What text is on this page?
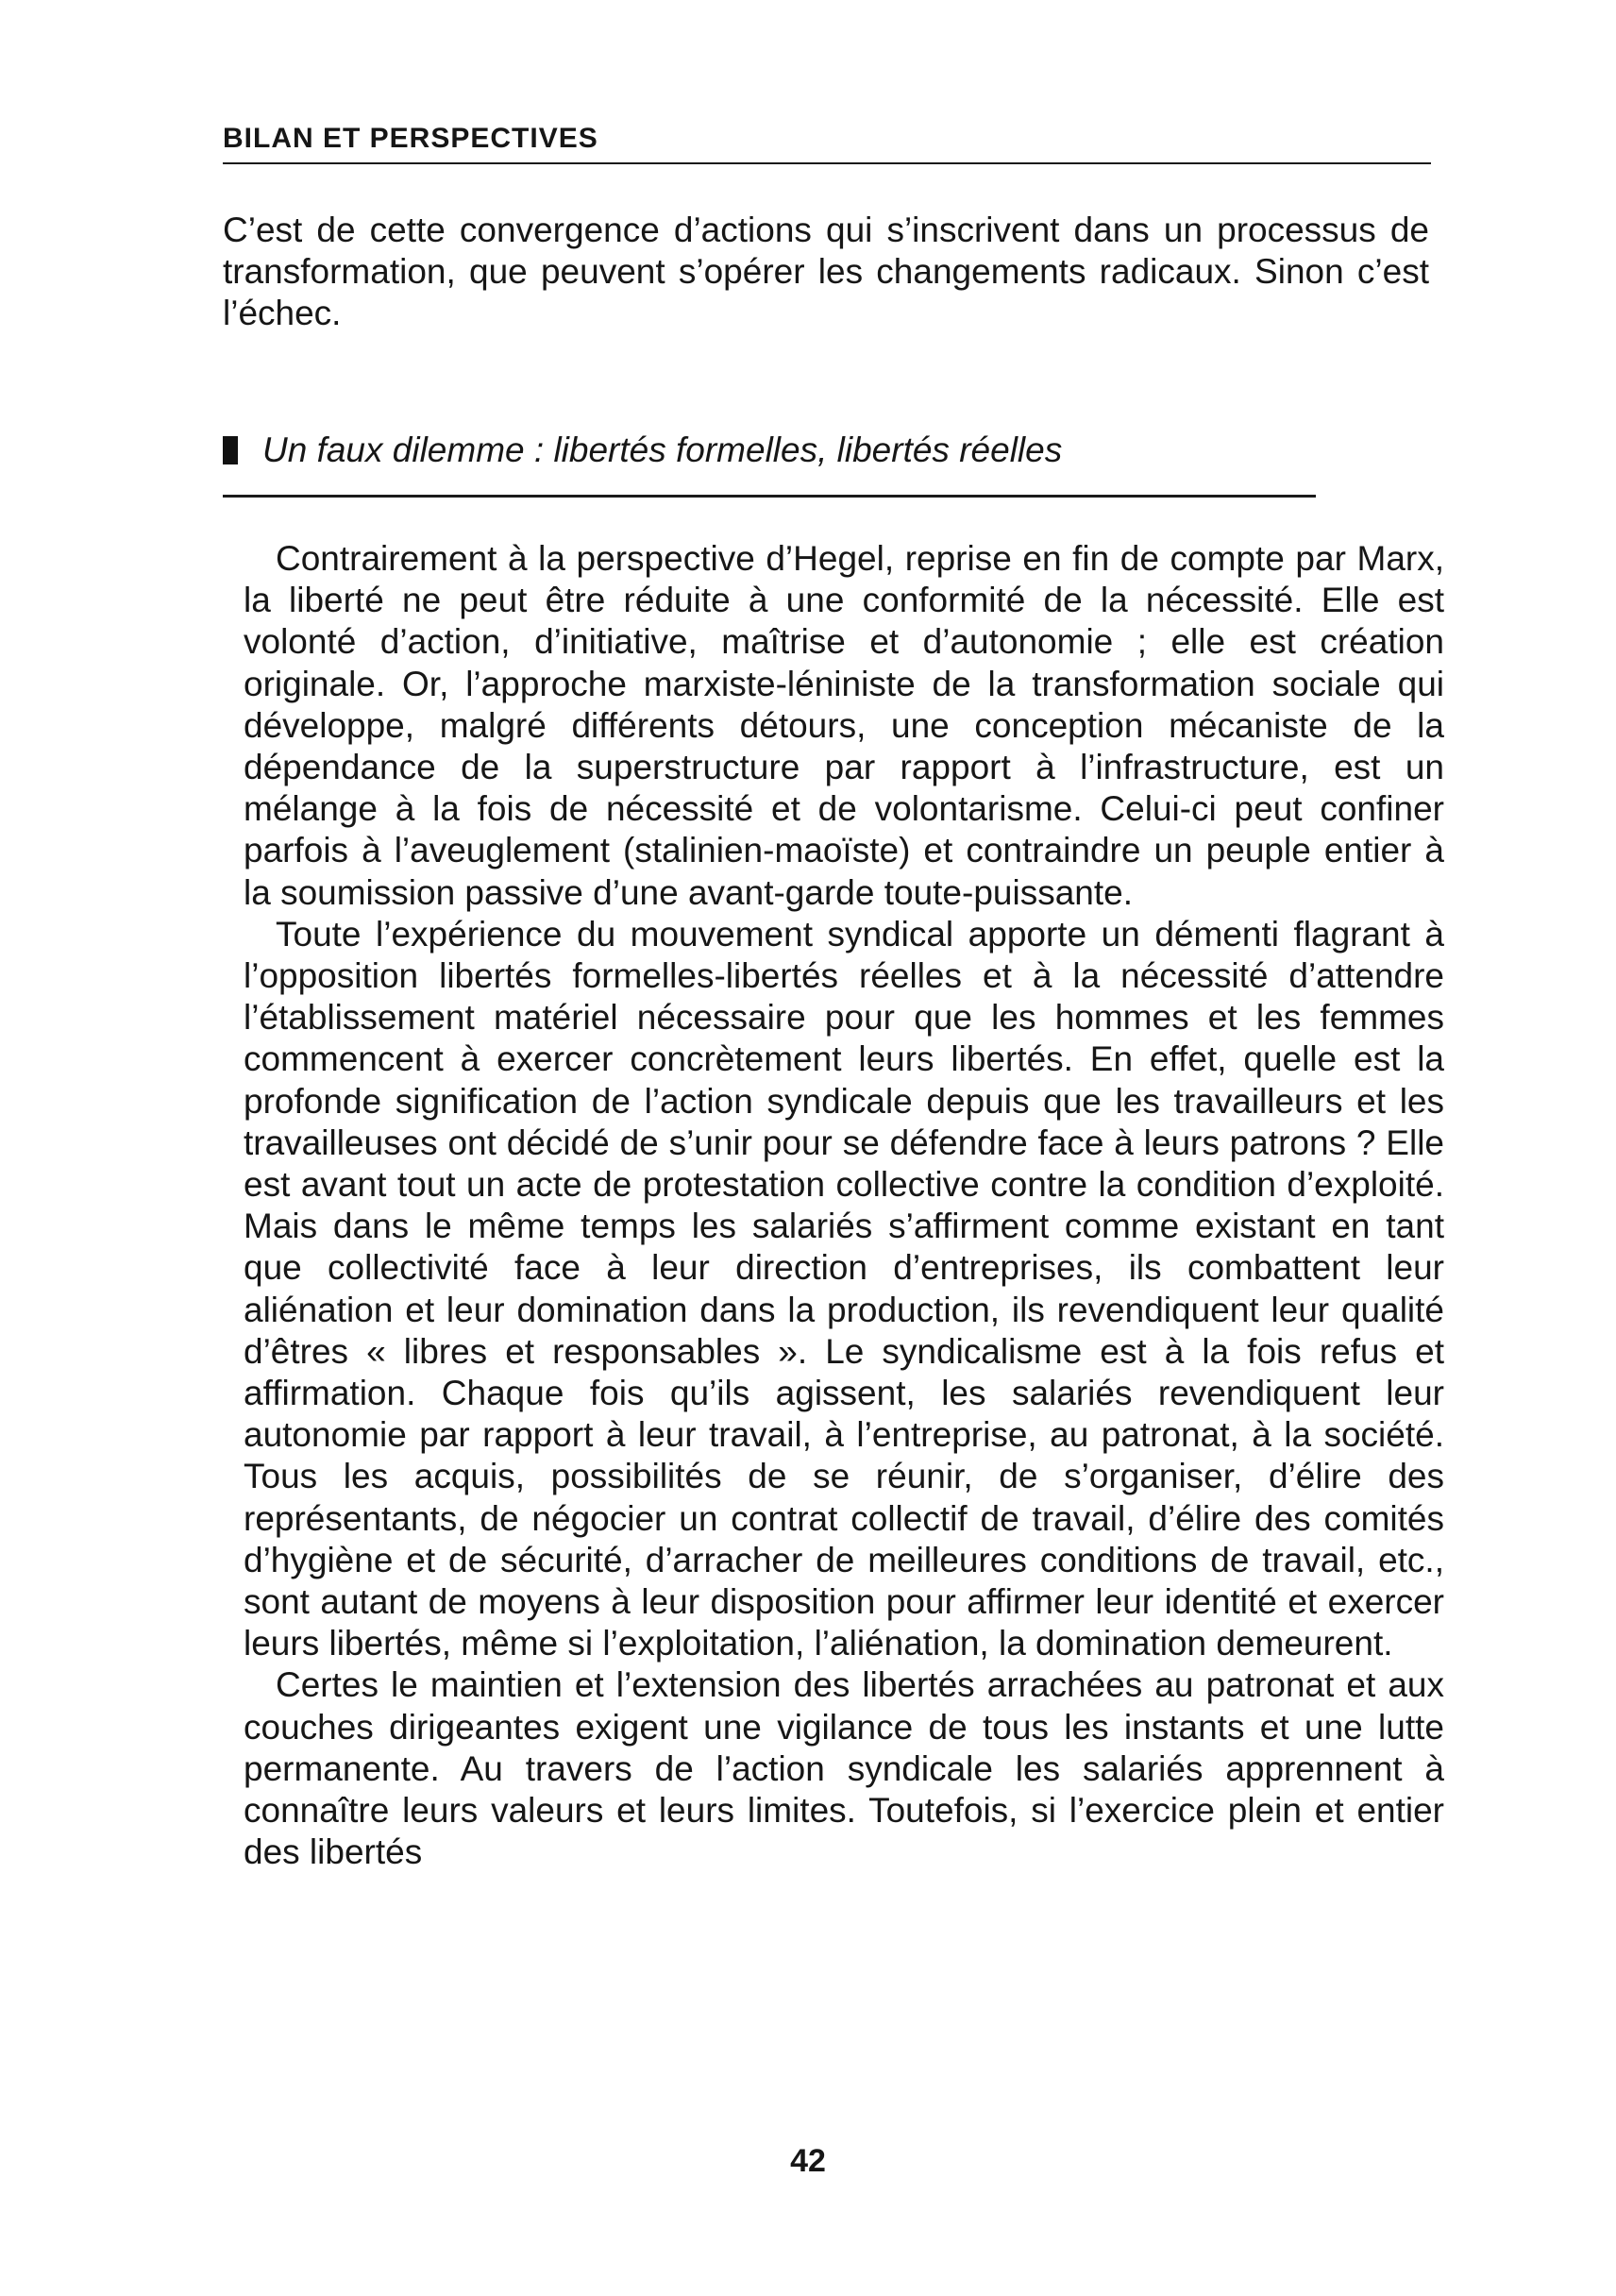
BILAN ET PERSPECTIVES
C’est de cette convergence d’actions qui s’inscrivent dans un processus de transformation, que peuvent s’opérer les changements radicaux. Sinon c’est l’échec.
Un faux dilemme : libertés formelles, libertés réelles

Contrairement à la perspective d’Hegel, reprise en fin de compte par Marx, la liberté ne peut être réduite à une conformité de la nécessité. Elle est volonté d’action, d’initiative, maîtrise et d’autonomie ; elle est création originale. Or, l’approche marxiste-léniniste de la transformation sociale qui développe, malgré différents détours, une conception mécaniste de la dépendance de la superstructure par rapport à l’infrastructure, est un mélange à la fois de nécessité et de volontarisme. Celui-ci peut confiner parfois à l’aveuglement (stalinien-maoïste) et contraindre un peuple entier à la soumission passive d’une avant-garde toute-puissante.

Toute l’expérience du mouvement syndical apporte un démenti flagrant à l’opposition libertés formelles-libertés réelles et à la nécessité d’attendre l’établissement matériel nécessaire pour que les hommes et les femmes commencent à exercer concrètement leurs libertés. En effet, quelle est la profonde signification de l’action syndicale depuis que les travailleurs et les travailleuses ont décidé de s’unir pour se défendre face à leurs patrons ? Elle est avant tout un acte de protestation collective contre la condition d’exploité. Mais dans le même temps les salariés s’affirment comme existant en tant que collectivité face à leur direction d’entreprises, ils combattent leur aliénation et leur domination dans la production, ils revendiquent leur qualité d’êtres « libres et responsables ». Le syndicalisme est à la fois refus et affirmation. Chaque fois qu’ils agissent, les salariés revendiquent leur autonomie par rapport à leur travail, à l’entreprise, au patronat, à la société. Tous les acquis, possibilités de se réunir, de s’organiser, d’élire des représentants, de négocier un contrat collectif de travail, d’élire des comités d’hygiène et de sécurité, d’arracher de meilleures conditions de travail, etc., sont autant de moyens à leur disposition pour affirmer leur identité et exercer leurs libertés, même si l’exploitation, l’aliénation, la domination demeurent.

Certes le maintien et l’extension des libertés arrachées au patronat et aux couches dirigeantes exigent une vigilance de tous les instants et une lutte permanente. Au travers de l’action syndicale les salariés apprennent à connaître leurs valeurs et leurs limites. Toutefois, si l’exercice plein et entier des libertés

42
